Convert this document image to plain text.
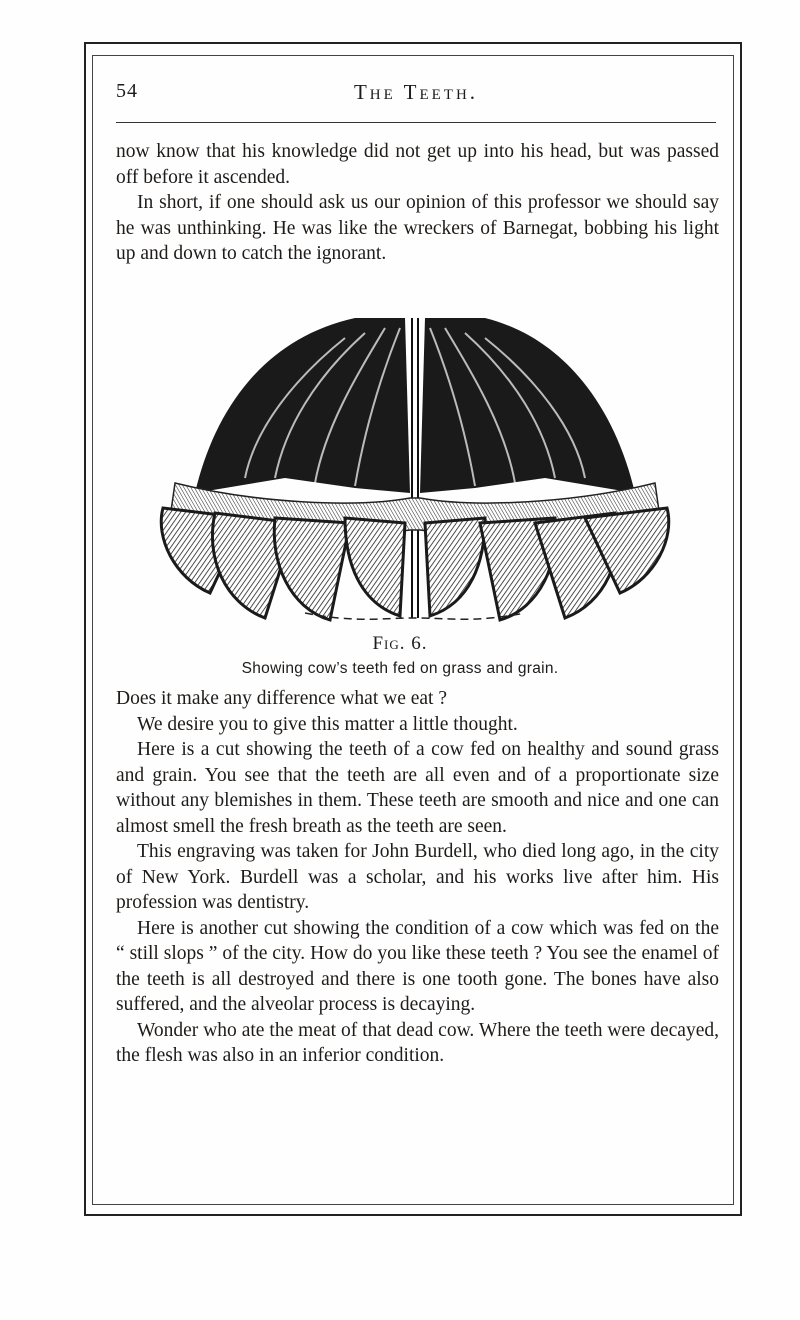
54	The Teeth.

now know that his knowledge did not get up into his head, but was passed off before it ascended.

In short, if one should ask us our opinion of this professor we should say he was unthinking. He was like the wreckers of Barnegat, bobbing his light up and down to catch the ignorant.

Fig. 6.
Showing cow’s teeth fed on grass and grain.

Does it make any difference what we eat ?

We desire you to give this matter a little thought.

Here is a cut showing the teeth of a cow fed on healthy and sound grass and grain. You see that the teeth are all even and of a proportionate size without any blemishes in them. These teeth are smooth and nice and one can almost smell the fresh breath as the teeth are seen.

This engraving was taken for John Burdell, who died long ago, in the city of New York. Burdell was a scholar, and his works live after him. His profession was dentistry.

Here is another cut showing the condition of a cow which was fed on the “ still slops ” of the city. How do you like these teeth ? You see the enamel of the teeth is all destroyed and there is one tooth gone. The bones have also suffered, and the alveolar process is decaying.

Wonder who ate the meat of that dead cow. Where the teeth were decayed, the flesh was also in an inferior condition.
